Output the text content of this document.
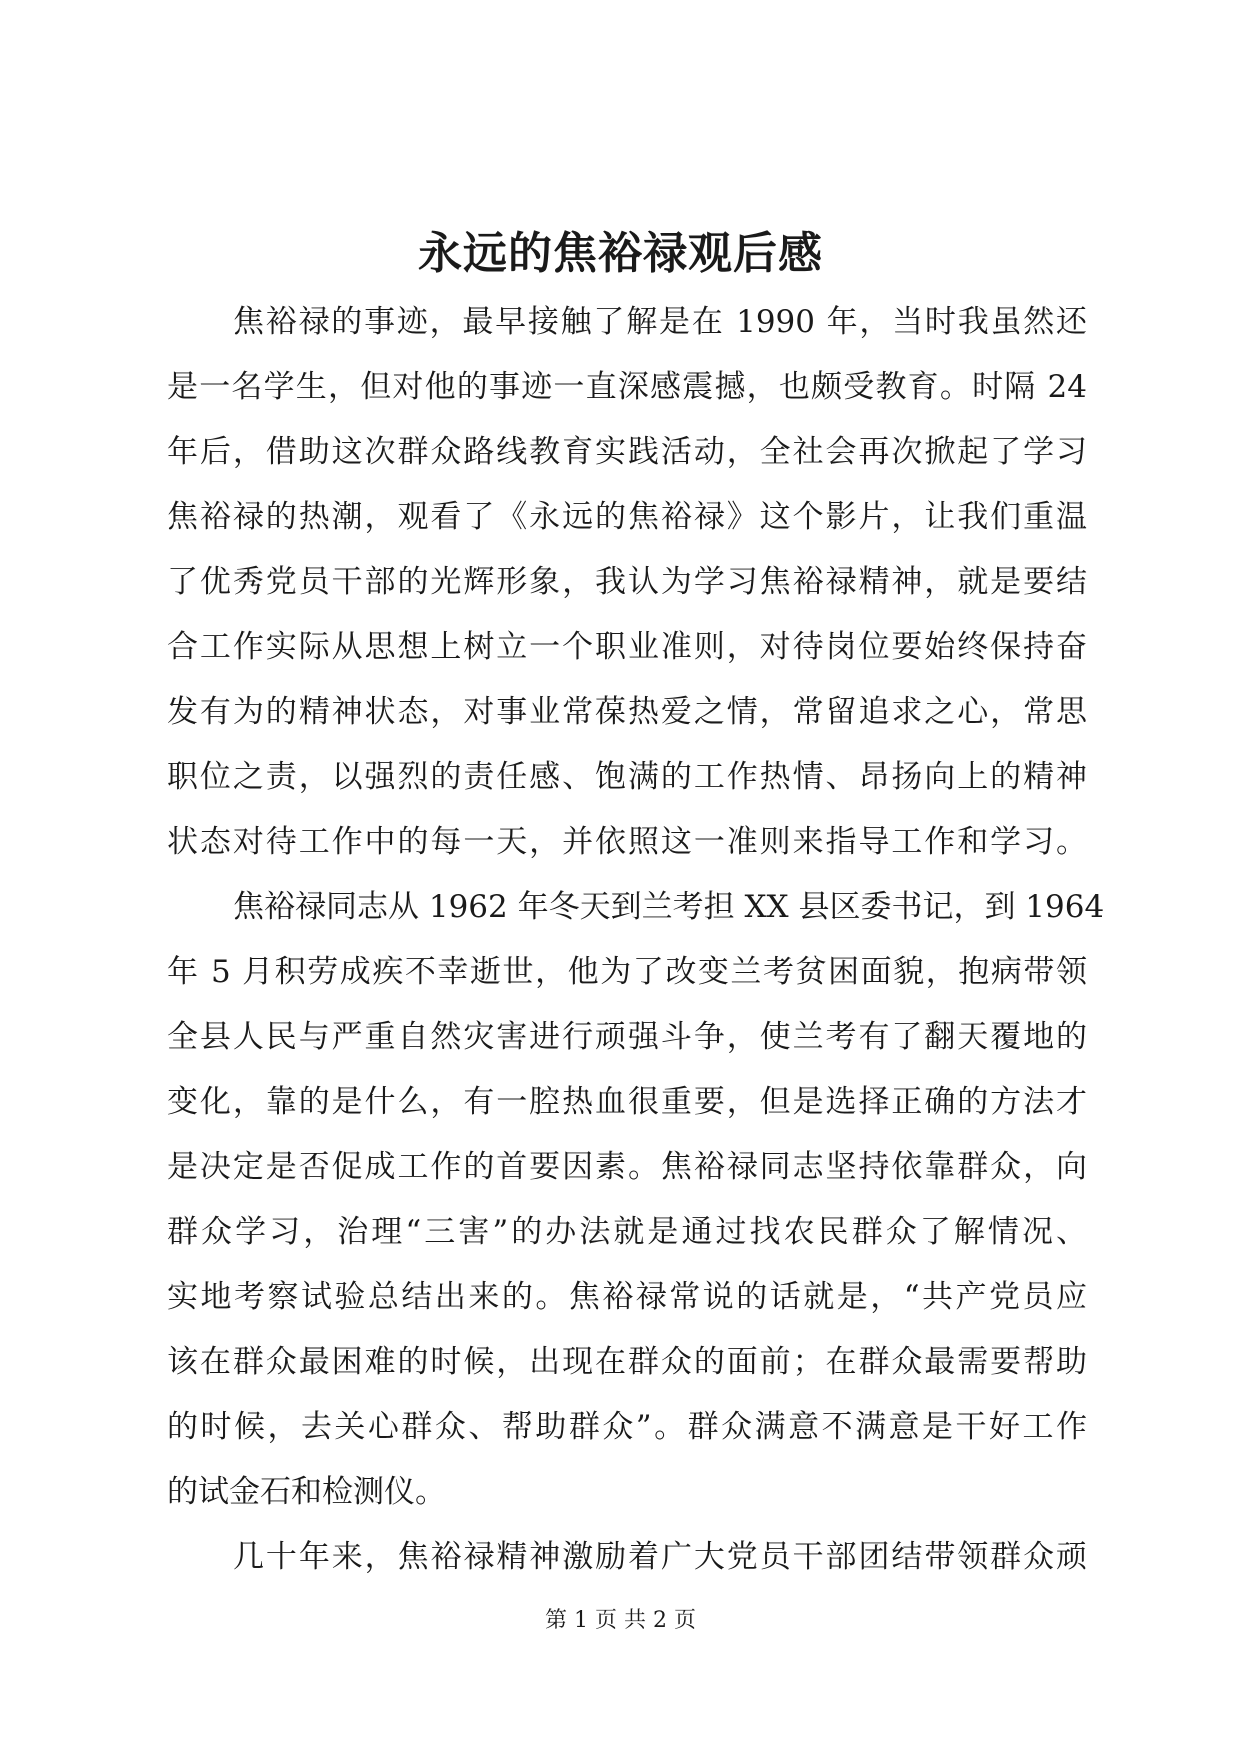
永远的焦裕禄观后感
焦裕禄的事迹，最早接触了解是在 1990 年，当时我虽然还
是一名学生，但对他的事迹一直深感震撼，也颇受教育。时隔 24
年后，借助这次群众路线教育实践活动，全社会再次掀起了学习
焦裕禄的热潮，观看了《永远的焦裕禄》这个影片，让我们重温
了优秀党员干部的光辉形象，我认为学习焦裕禄精神，就是要结
合工作实际从思想上树立一个职业准则，对待岗位要始终保持奋
发有为的精神状态，对事业常葆热爱之情，常留追求之心，常思
职位之责，以强烈的责任感、饱满的工作热情、昂扬向上的精神
状态对待工作中的每一天，并依照这一准则来指导工作和学习。
焦裕禄同志从 1962 年冬天到兰考担 XX 县区委书记，到 1964
年 5 月积劳成疾不幸逝世，他为了改变兰考贫困面貌，抱病带领
全县人民与严重自然灾害进行顽强斗争，使兰考有了翻天覆地的
变化，靠的是什么，有一腔热血很重要，但是选择正确的方法才
是决定是否促成工作的首要因素。焦裕禄同志坚持依靠群众，向
群众学习，治理“三害”的办法就是通过找农民群众了解情况、
实地考察试验总结出来的。焦裕禄常说的话就是，“共产党员应
该在群众最困难的时候，出现在群众的面前；在群众最需要帮助
的时候，去关心群众、帮助群众”。群众满意不满意是干好工作
的试金石和检测仪。
几十年来，焦裕禄精神激励着广大党员干部团结带领群众顽
第 1 页 共 2 页
